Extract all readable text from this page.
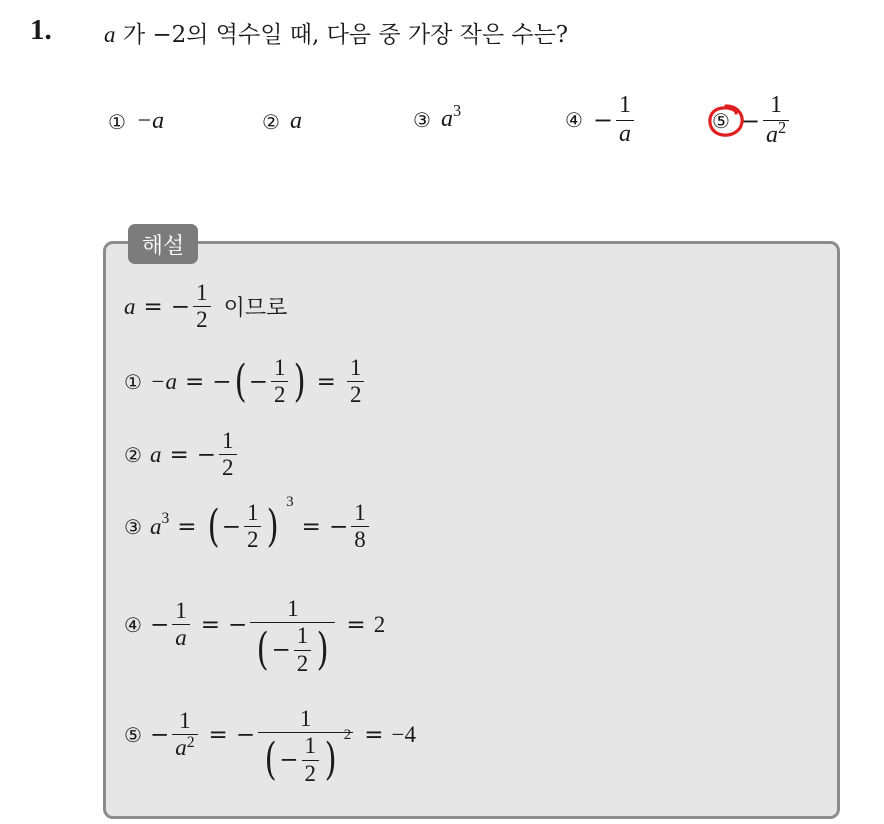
1. a 가 −2의 역수일 때, 다음 중 가장 작은 수는?
① −a	② a	③ $a^3$	④ − $\frac{1}{a}$	⑤ − $\frac{1}{a^2}$
해설
a = − $\frac{1}{2}$ 이므로
① −a = − ( − $\frac{1}{2}$ ) = $\frac{1}{2}$
② a = − $\frac{1}{2}$
③ $a^3$ = ( − $\frac{1}{2}$ ) $^3$
= − $\frac{1}{8}$
④ − $\frac{1}{a}$ = − $\frac{1}{( - \frac{1}{2} )} = 2$
⑤ − $\frac{1}{a^2}$ = −
1
( − $\frac{1}{2}$ ) $^2$ = −4
